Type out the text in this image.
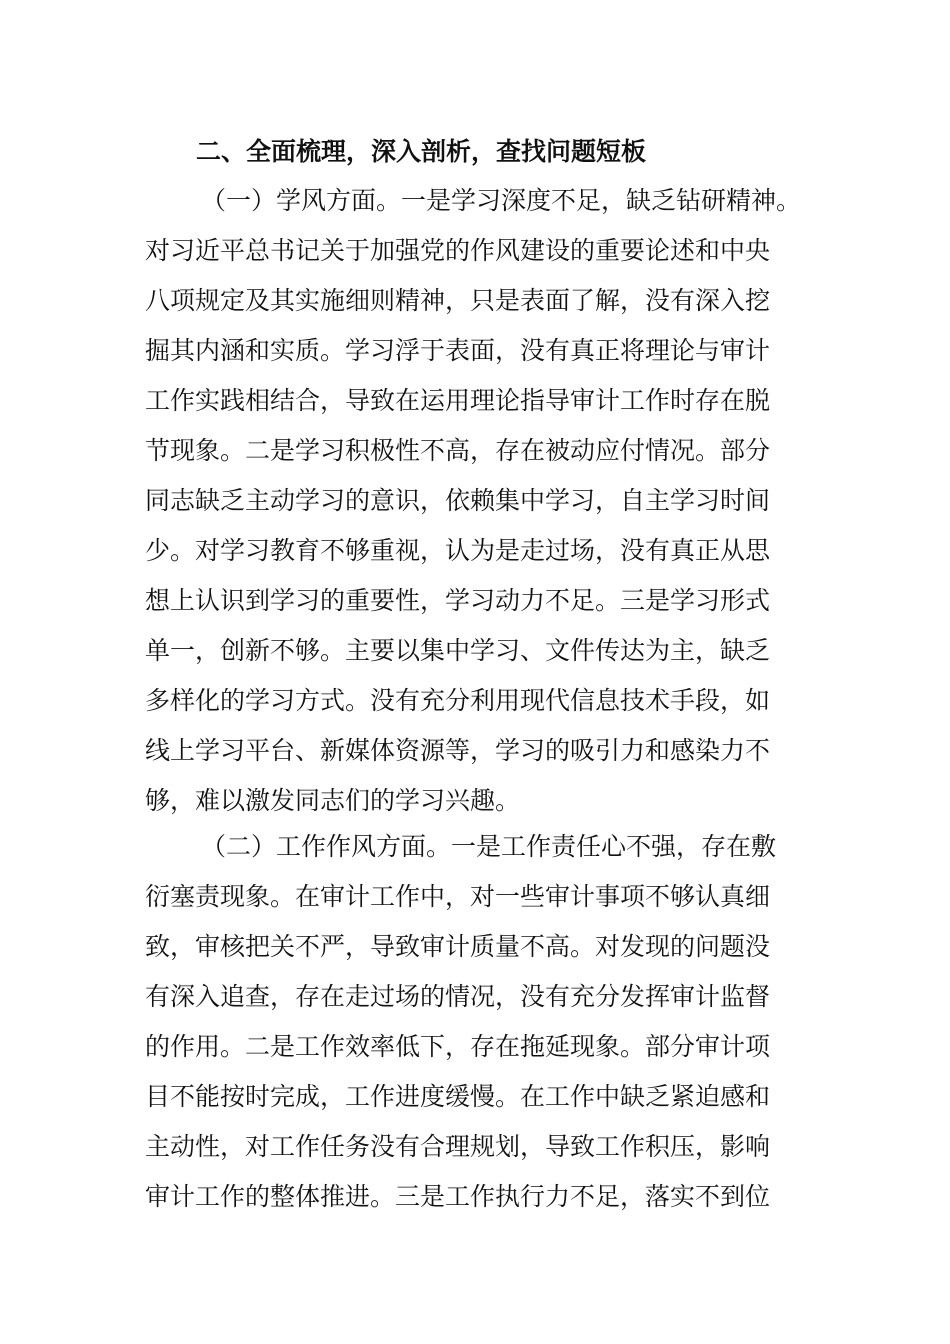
二、全面梳理，深入剖析，查找问题短板
（一）学风方面。一是学习深度不足，缺乏钻研精神。
对习近平总书记关于加强党的作风建设的重要论述和中央
八项规定及其实施细则精神，只是表面了解，没有深入挖
掘其内涵和实质。学习浮于表面，没有真正将理论与审计
工作实践相结合，导致在运用理论指导审计工作时存在脱
节现象。二是学习积极性不高，存在被动应付情况。部分
同志缺乏主动学习的意识，依赖集中学习，自主学习时间
少。对学习教育不够重视，认为是走过场，没有真正从思
想上认识到学习的重要性，学习动力不足。三是学习形式
单一，创新不够。主要以集中学习、文件传达为主，缺乏
多样化的学习方式。没有充分利用现代信息技术手段，如
线上学习平台、新媒体资源等，学习的吸引力和感染力不
够，难以激发同志们的学习兴趣。
（二）工作作风方面。一是工作责任心不强，存在敷
衍塞责现象。在审计工作中，对一些审计事项不够认真细
致，审核把关不严，导致审计质量不高。对发现的问题没
有深入追查，存在走过场的情况，没有充分发挥审计监督
的作用。二是工作效率低下，存在拖延现象。部分审计项
目不能按时完成，工作进度缓慢。在工作中缺乏紧迫感和
主动性，对工作任务没有合理规划，导致工作积压，影响
审计工作的整体推进。三是工作执行力不足，落实不到位
